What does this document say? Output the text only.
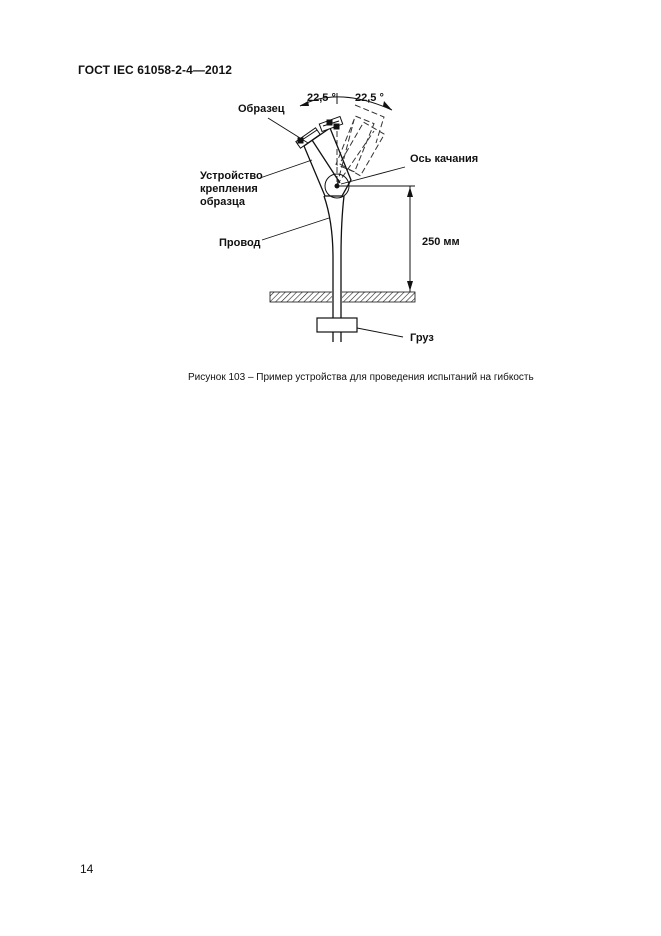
ГОСТ IEC 61058-2-4—2012
Образец
22,5 ° 22,5 °
Устройство
крепления
образца
Ось качания
Провод	250 мм
Груз
Рисунок 103 – Пример устройства для проведения испытаний на гибкость
14
